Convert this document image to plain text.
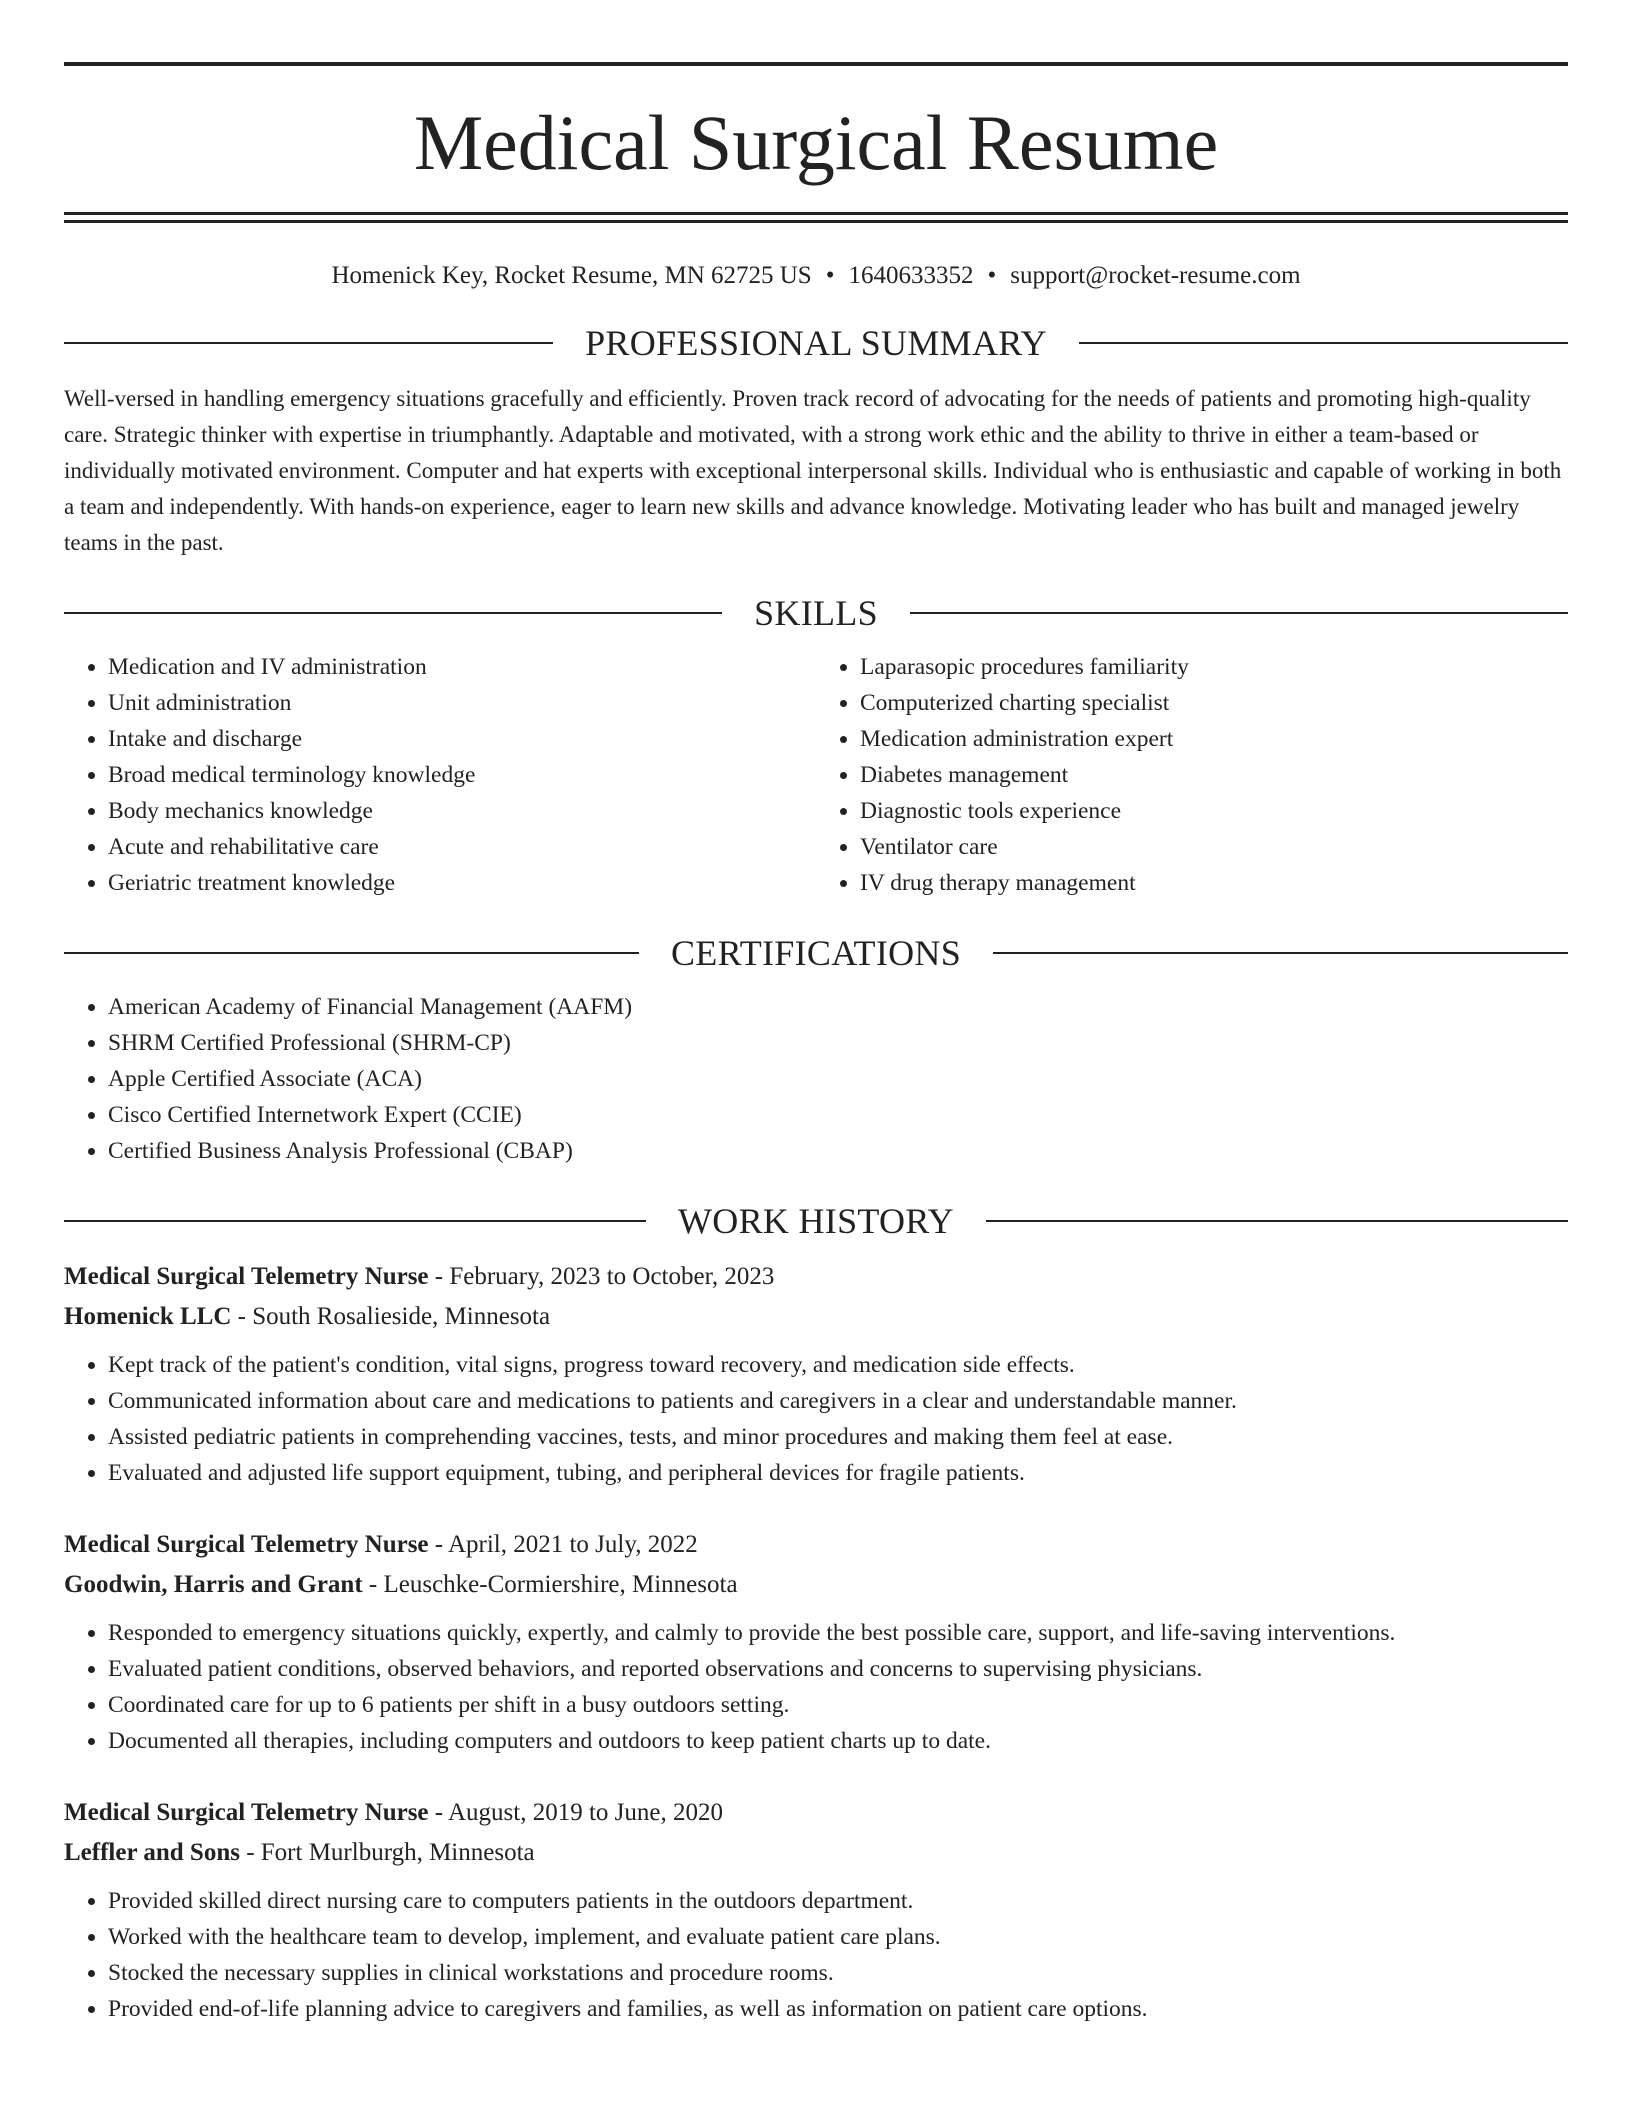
Medical Surgical Resume
Homenick Key, Rocket Resume, MN 62725 US • 1640633352 • support@rocket-resume.com
PROFESSIONAL SUMMARY
Well-versed in handling emergency situations gracefully and efficiently. Proven track record of advocating for the needs of patients and promoting high-quality care. Strategic thinker with expertise in triumphantly. Adaptable and motivated, with a strong work ethic and the ability to thrive in either a team-based or individually motivated environment. Computer and hat experts with exceptional interpersonal skills. Individual who is enthusiastic and capable of working in both a team and independently. With hands-on experience, eager to learn new skills and advance knowledge. Motivating leader who has built and managed jewelry teams in the past.
SKILLS
• Medication and IV administration
• Unit administration
• Intake and discharge
• Broad medical terminology knowledge
• Body mechanics knowledge
• Acute and rehabilitative care
• Geriatric treatment knowledge
• Laparasopic procedures familiarity
• Computerized charting specialist
• Medication administration expert
• Diabetes management
• Diagnostic tools experience
• Ventilator care
• IV drug therapy management
CERTIFICATIONS
• American Academy of Financial Management (AAFM)
• SHRM Certified Professional (SHRM-CP)
• Apple Certified Associate (ACA)
• Cisco Certified Internetwork Expert (CCIE)
• Certified Business Analysis Professional (CBAP)
WORK HISTORY
Medical Surgical Telemetry Nurse - February, 2023 to October, 2023
Homenick LLC - South Rosalieside, Minnesota
• Kept track of the patient's condition, vital signs, progress toward recovery, and medication side effects.
• Communicated information about care and medications to patients and caregivers in a clear and understandable manner.
• Assisted pediatric patients in comprehending vaccines, tests, and minor procedures and making them feel at ease.
• Evaluated and adjusted life support equipment, tubing, and peripheral devices for fragile patients.
Medical Surgical Telemetry Nurse - April, 2021 to July, 2022
Goodwin, Harris and Grant - Leuschke-Cormiershire, Minnesota
• Responded to emergency situations quickly, expertly, and calmly to provide the best possible care, support, and life-saving interventions.
• Evaluated patient conditions, observed behaviors, and reported observations and concerns to supervising physicians.
• Coordinated care for up to 6 patients per shift in a busy outdoors setting.
• Documented all therapies, including computers and outdoors to keep patient charts up to date.
Medical Surgical Telemetry Nurse - August, 2019 to June, 2020
Leffler and Sons - Fort Murlburgh, Minnesota
• Provided skilled direct nursing care to computers patients in the outdoors department.
• Worked with the healthcare team to develop, implement, and evaluate patient care plans.
• Stocked the necessary supplies in clinical workstations and procedure rooms.
• Provided end-of-life planning advice to caregivers and families, as well as information on patient care options.
